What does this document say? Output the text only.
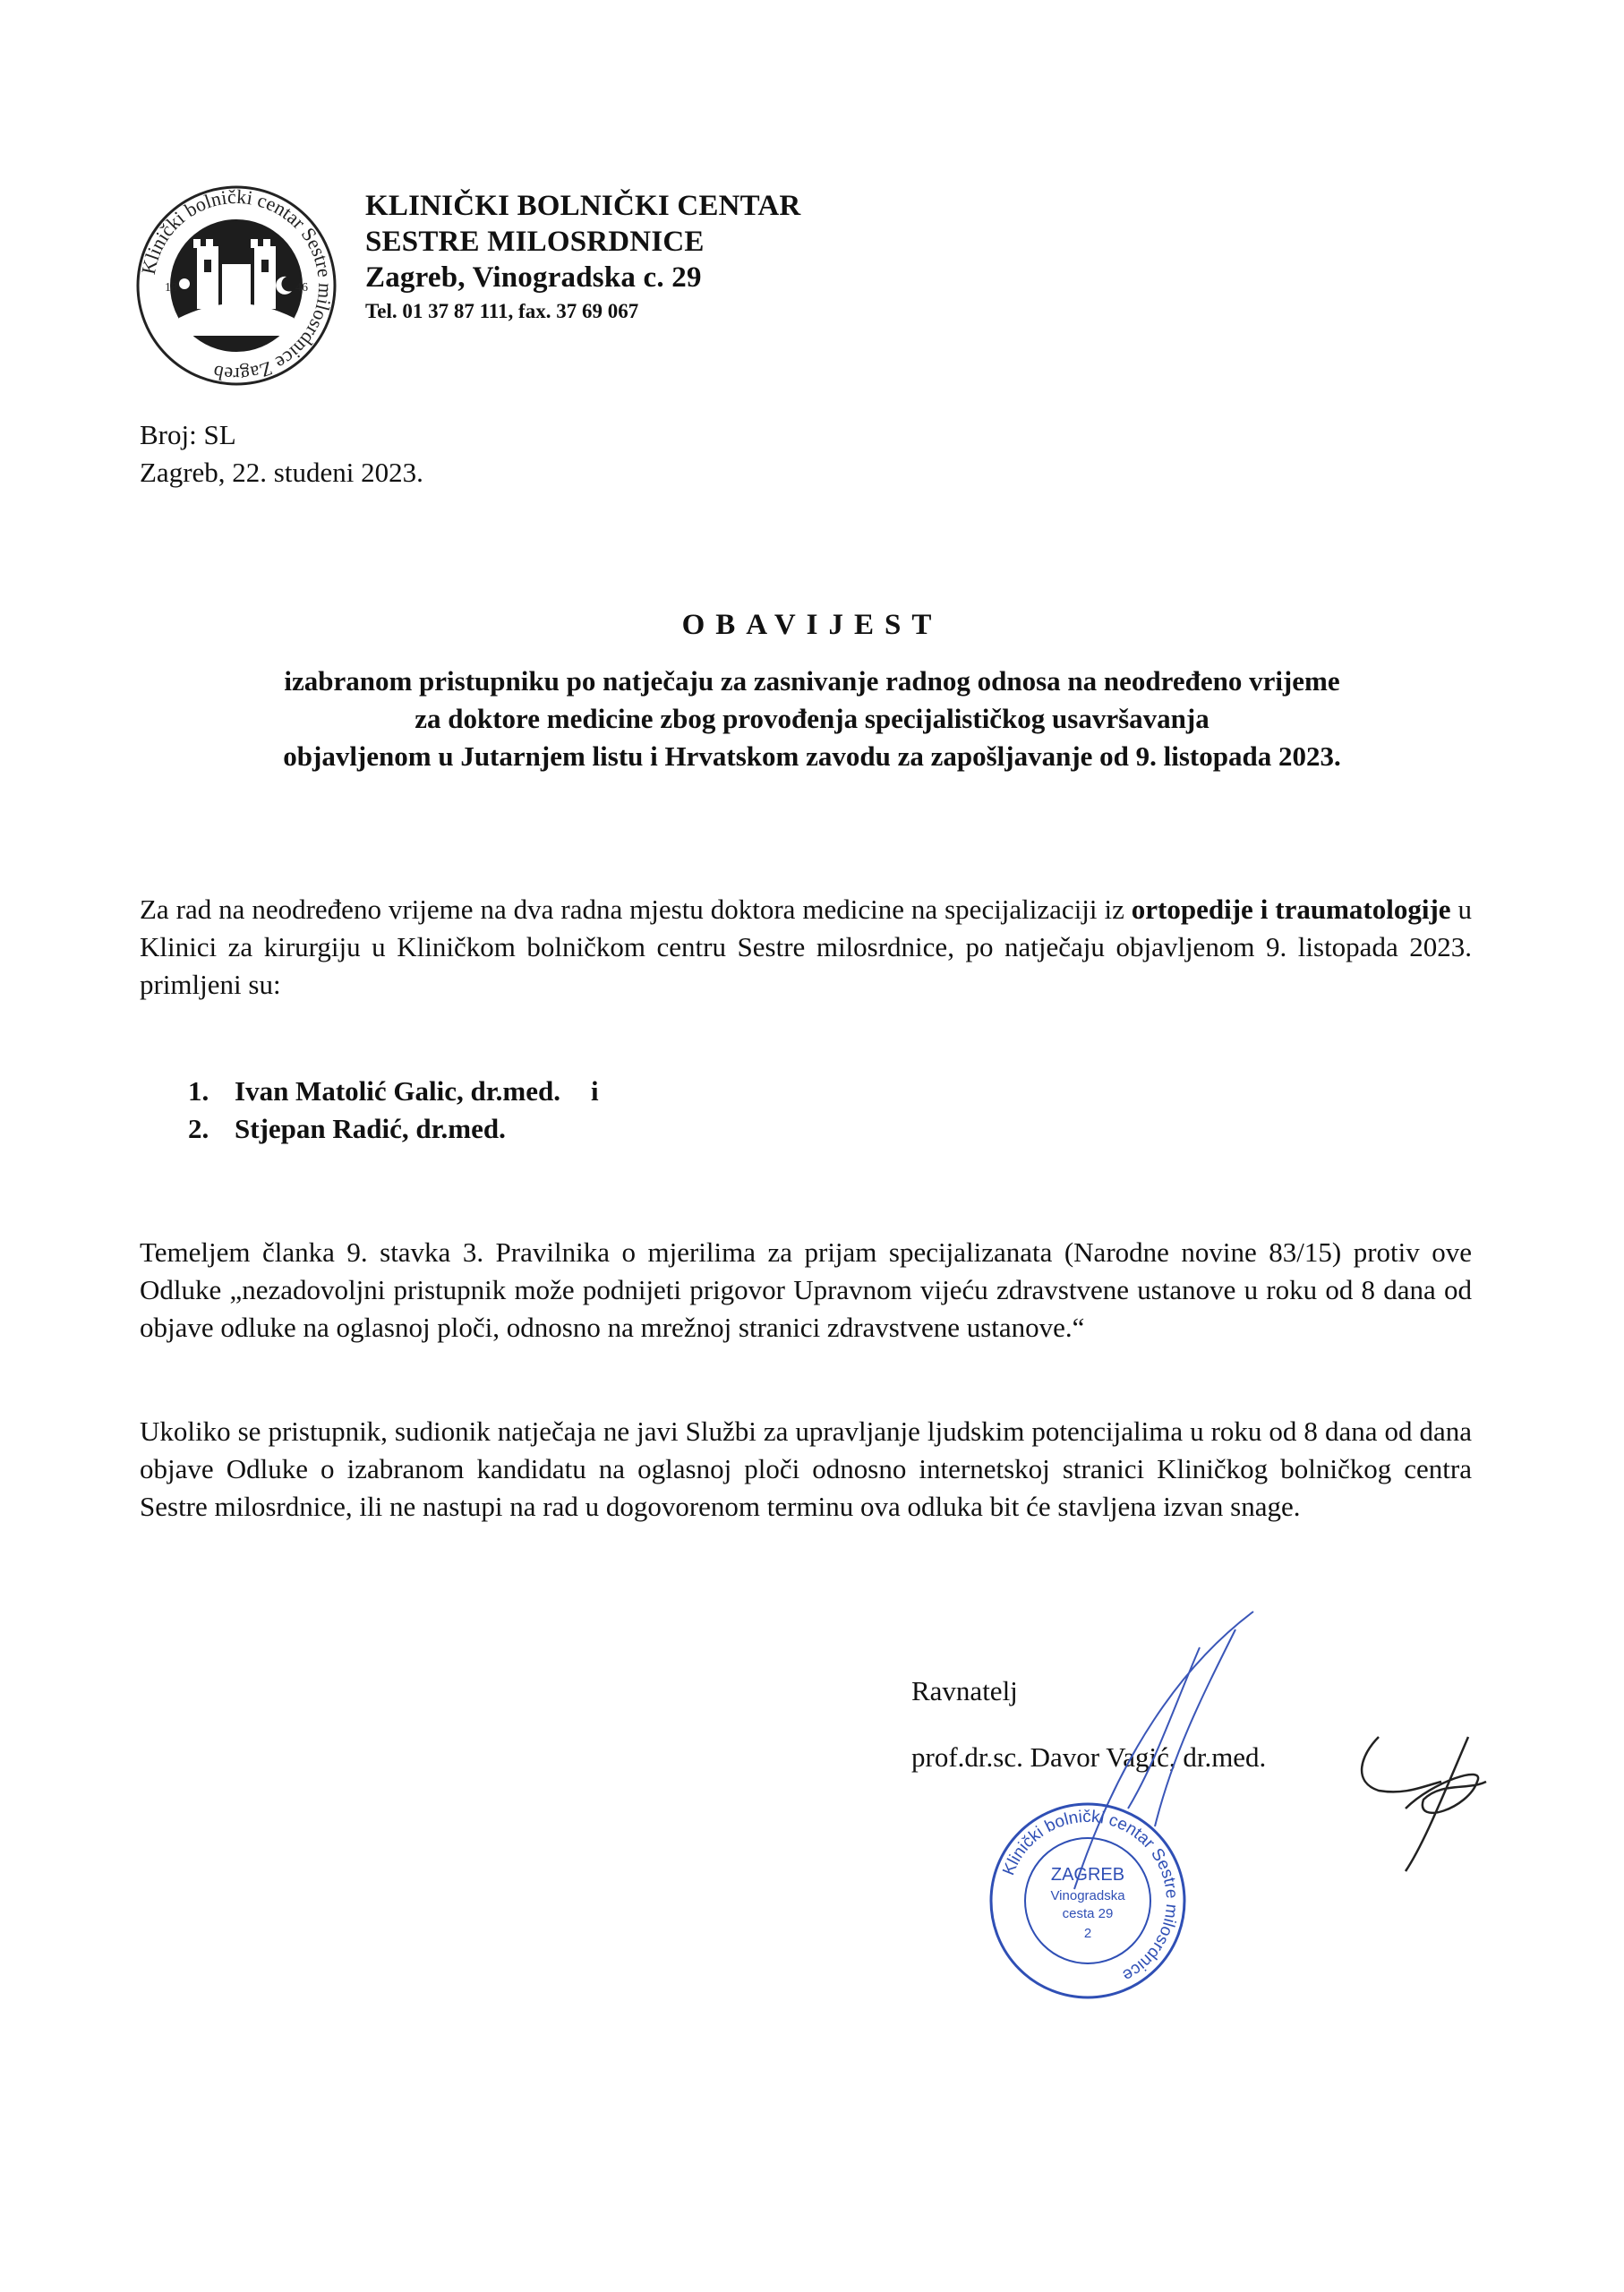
Klinički bolnički centar Sestre milosrdnice Zagreb
18	46
KLINIČKI BOLNIČKI CENTAR
SESTRE MILOSRDNICE
Zagreb, Vinogradska c. 29
Tel. 01 37 87 111, fax. 37 69 067
Broj: SL
Zagreb, 22. studeni 2023.
OBAVIJEST
izabranom pristupniku po natječaju za zasnivanje radnog odnosa na neodređeno vrijeme
za doktore medicine zbog provođenja specijalističkog usavršavanja
objavljenom u Jutarnjem listu i Hrvatskom zavodu za zapošljavanje od 9. listopada 2023.
Za rad na neodređeno vrijeme na dva radna mjestu doktora medicine na specijalizaciji iz ortopedije i traumatologije u Klinici za kirurgiju u Kliničkom bolničkom centru Sestre milosrdnice, po natječaju objavljenom 9. listopada 2023. primljeni su:
1. Ivan Matolić Galic, dr.med. i
2. Stjepan Radić, dr.med.
Temeljem članka 9. stavka 3. Pravilnika o mjerilima za prijam specijalizanata (Narodne novine 83/15) protiv ove Odluke „nezadovoljni pristupnik može podnijeti prigovor Upravnom vijeću zdravstvene ustanove u roku od 8 dana od objave odluke na oglasnoj ploči, odnosno na mrežnoj stranici zdravstvene ustanove.“
Ukoliko se pristupnik, sudionik natječaja ne javi Službi za upravljanje ljudskim potencijalima u roku od 8 dana od dana objave Odluke o izabranom kandidatu na oglasnoj ploči odnosno internetskoj stranici Kliničkog bolničkog centra Sestre milosrdnice, ili ne nastupi na rad u dogovorenom terminu ova odluka bit će stavljena izvan snage.
Ravnatelj
prof.dr.sc. Davor Vagić, dr.med.
Klinički bolnički centar Sestre milosrdnice
ZAGREB
Vinogradska
cesta 29
2
